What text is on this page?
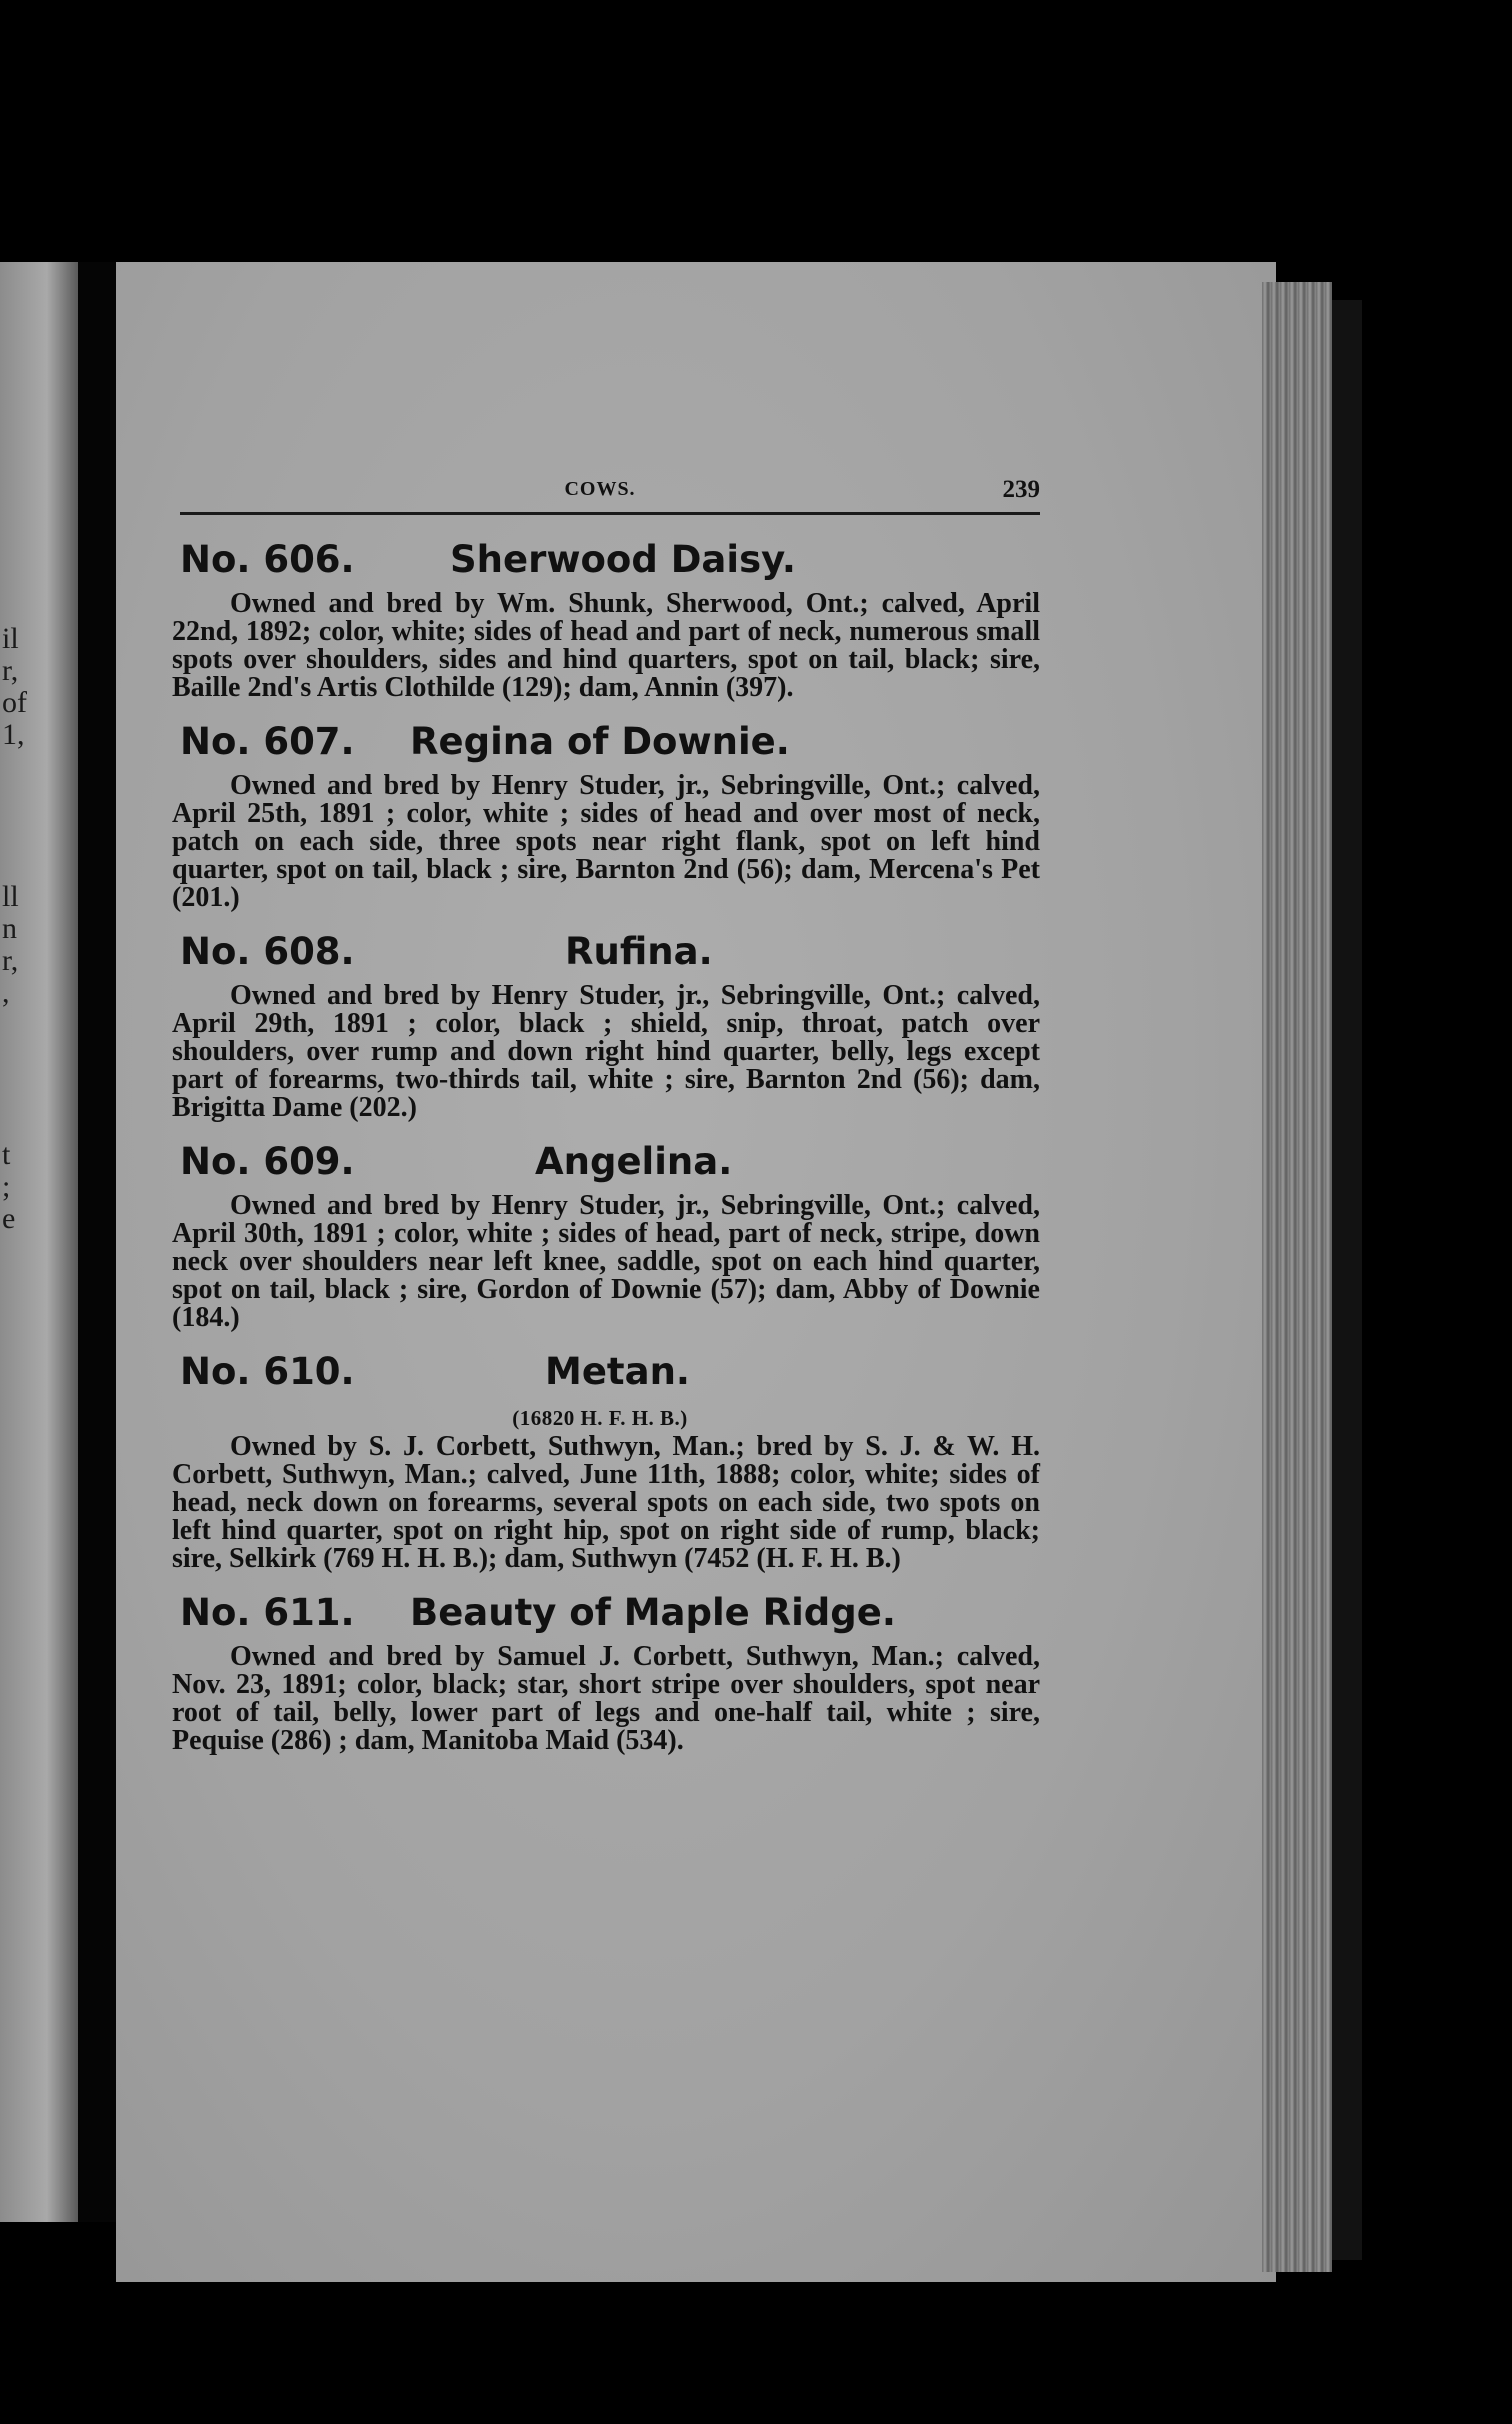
il
r,
of
1,
ll
n
r,
,
t
;
e
COWS.	239
No. 606.	Sherwood Daisy.

Owned and bred by Wm. Shunk, Sherwood, Ont.; calved, April 22nd, 1892; color, white; sides of head and part of neck, numerous small spots over shoulders, sides and hind quarters, spot on tail, black; sire, Baille 2nd's Artis Clothilde (129); dam, Annin (397).

No. 607. Regina of Downie.

Owned and bred by Henry Studer, jr., Sebringville, Ont.; calved, April 25th, 1891 ; color, white ; sides of head and over most of neck, patch on each side, three spots near right flank, spot on left hind quarter, spot on tail, black ; sire, Barnton 2nd (56); dam, Mercena's Pet (201.)

No. 608.	Rufina.

Owned and bred by Henry Studer, jr., Sebringville, Ont.; calved, April 29th, 1891 ; color, black ; shield, snip, throat, patch over shoulders, over rump and down right hind quarter, belly, legs except part of forearms, two-thirds tail, white ; sire, Barnton 2nd (56); dam, Brigitta Dame (202.)

No. 609.	Angelina.

Owned and bred by Henry Studer, jr., Sebringville, Ont.; calved, April 30th, 1891 ; color, white ; sides of head, part of neck, stripe, down neck over shoulders near left knee, saddle, spot on each hind quarter, spot on tail, black ; sire, Gordon of Downie (57); dam, Abby of Downie (184.)

No. 610.	Metan.
(16820 H. F. H. B.)

Owned by S. J. Corbett, Suthwyn, Man.; bred by S. J. & W. H. Corbett, Suthwyn, Man.; calved, June 11th, 1888; color, white; sides of head, neck down on forearms, several spots on each side, two spots on left hind quarter, spot on right hip, spot on right side of rump, black; sire, Selkirk (769 H. H. B.); dam, Suthwyn (7452 (H. F. H. B.)

No. 611. Beauty of Maple Ridge.

Owned and bred by Samuel J. Corbett, Suthwyn, Man.; calved, Nov. 23, 1891; color, black; star, short stripe over shoulders, spot near root of tail, belly, lower part of legs and one-half tail, white ; sire, Pequise (286) ; dam, Manitoba Maid (534).
